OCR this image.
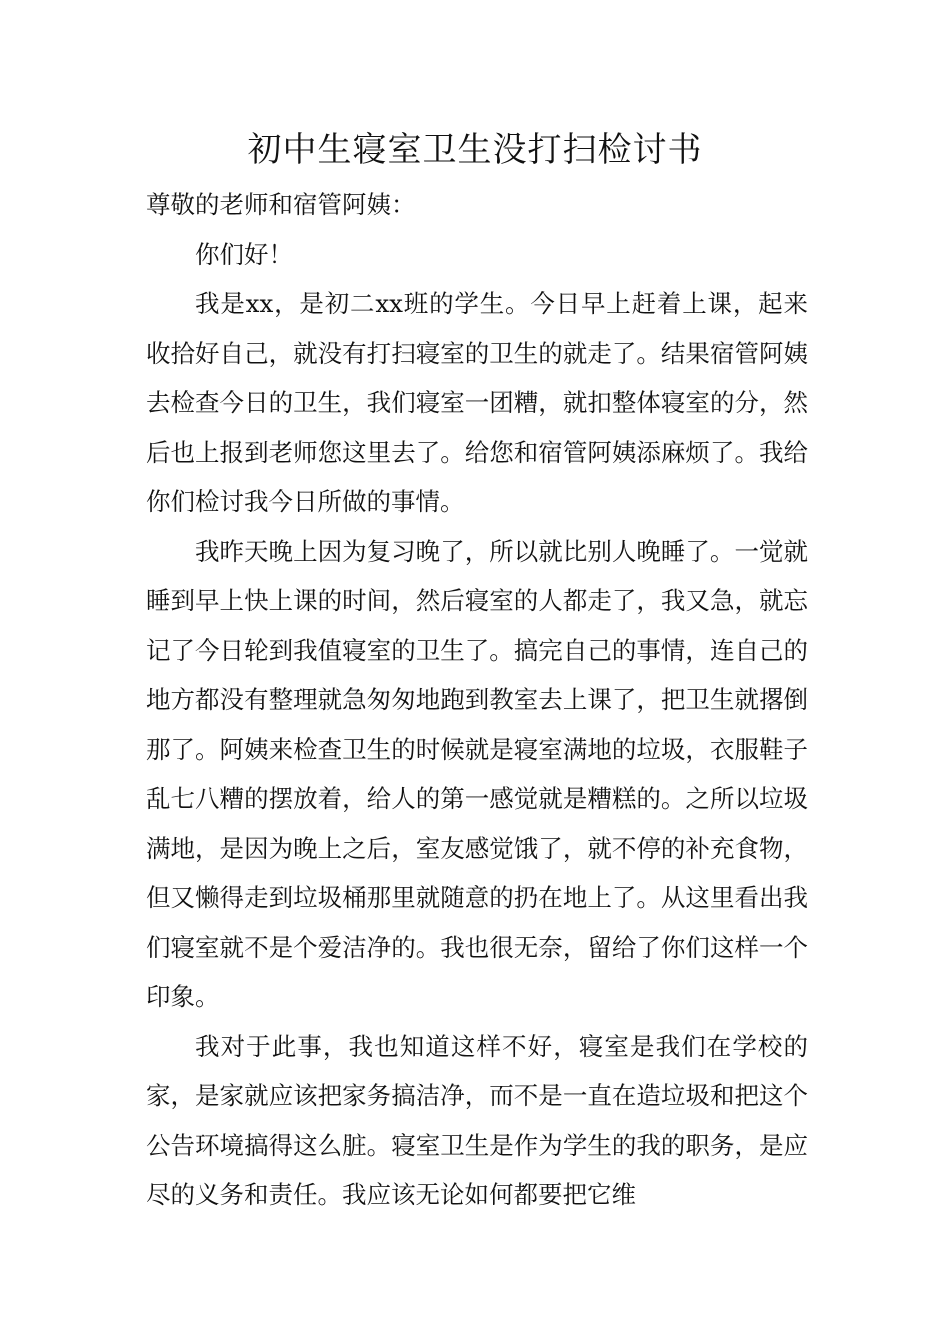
初中生寝室卫生没打扫检讨书

尊敬的老师和宿管阿姨：

你们好！

我是xx，是初二xx班的学生。今日早上赶着上课，起来收拾好自己，就没有打扫寝室的卫生的就走了。结果宿管阿姨去检查今日的卫生，我们寝室一团糟，就扣整体寝室的分，然后也上报到老师您这里去了。给您和宿管阿姨添麻烦了。我给你们检讨我今日所做的事情。

我昨天晚上因为复习晚了，所以就比别人晚睡了。一觉就睡到早上快上课的时间，然后寝室的人都走了，我又急，就忘记了今日轮到我值寝室的卫生了。搞完自己的事情，连自己的地方都没有整理就急匆匆地跑到教室去上课了，把卫生就撂倒那了。阿姨来检查卫生的时候就是寝室满地的垃圾，衣服鞋子乱七八糟的摆放着，给人的第一感觉就是糟糕的。之所以垃圾满地，是因为晚上之后，室友感觉饿了，就不停的补充食物，但又懒得走到垃圾桶那里就随意的扔在地上了。从这里看出我们寝室就不是个爱洁净的。我也很无奈，留给了你们这样一个印象。

我对于此事，我也知道这样不好，寝室是我们在学校的家，是家就应该把家务搞洁净，而不是一直在造垃圾和把这个公告环境搞得这么脏。寝室卫生是作为学生的我的职务，是应尽的义务和责任。我应该无论如何都要把它维
